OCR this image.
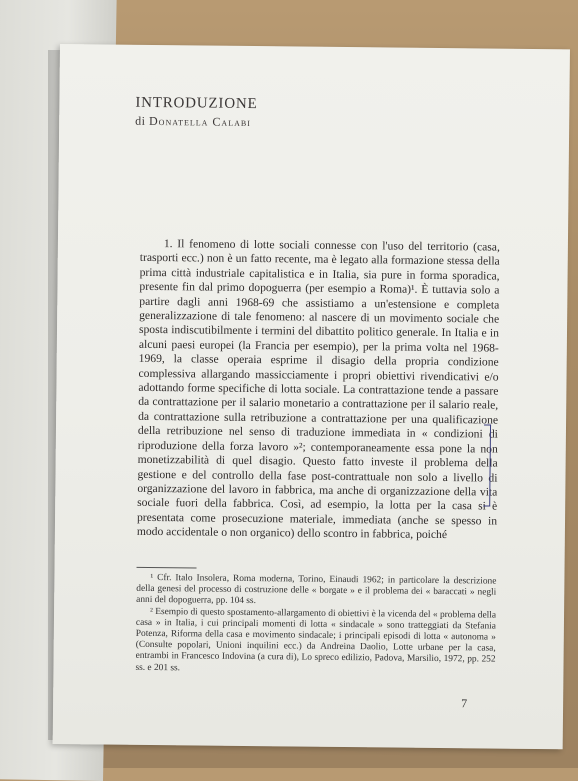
INTRODUZIONE
di Donatella Calabi

1. Il fenomeno di lotte sociali connesse con l'uso del territorio (casa, trasporti ecc.) non è un fatto recente, ma è legato alla formazione stessa della prima città industriale capitalistica e in Italia, sia pure in forma sporadica, presente fin dal primo dopoguerra (per esempio a Roma)¹. È tuttavia solo a partire dagli anni 1968-69 che assistiamo a un'estensione e completa generalizzazione di tale fenomeno: al nascere di un movimento sociale che sposta indiscutibilmente i termini del dibattito politico generale. In Italia e in alcuni paesi europei (la Francia per esempio), per la prima volta nel 1968-1969, la classe operaia esprime il disagio della propria condizione complessiva allargando massicciamente i propri obiettivi rivendicativi e/o adottando forme specifiche di lotta sociale. La contrattazione tende a passare da contrattazione per il salario monetario a contrattazione per il salario reale, da contrattazione sulla retribuzione a contrattazione per una qualificazione della retribuzione nel senso di traduzione immediata in « condizioni di riproduzione della forza lavoro »²; contemporaneamente essa pone la non monetizzabilità di quel disagio. Questo fatto investe il problema della gestione e del controllo della fase post-contrattuale non solo a livello di organizzazione del lavoro in fabbrica, ma anche di organizzazione della vita sociale fuori della fabbrica. Così, ad esempio, la lotta per la casa si è presentata come prosecuzione materiale, immediata (anche se spesso in modo accidentale o non organico) dello scontro in fabbrica, poiché

¹ Cfr. Italo Insolera, Roma moderna, Torino, Einaudi 1962; in particolare la descrizione della genesi del processo di costruzione delle « borgate » e il problema dei « baraccati » negli anni del dopoguerra, pp. 104 ss.

² Esempio di questo spostamento-allargamento di obiettivi è la vicenda del « problema della casa » in Italia, i cui principali momenti di lotta « sindacale » sono tratteggiati da Stefania Potenza, Riforma della casa e movimento sindacale; i principali episodi di lotta « autonoma » (Consulte popolari, Unioni inquilini ecc.) da Andreina Daolio, Lotte urbane per la casa, entrambi in Francesco Indovina (a cura di), Lo spreco edilizio, Padova, Marsilio, 1972, pp. 252 ss. e 201 ss.

7
